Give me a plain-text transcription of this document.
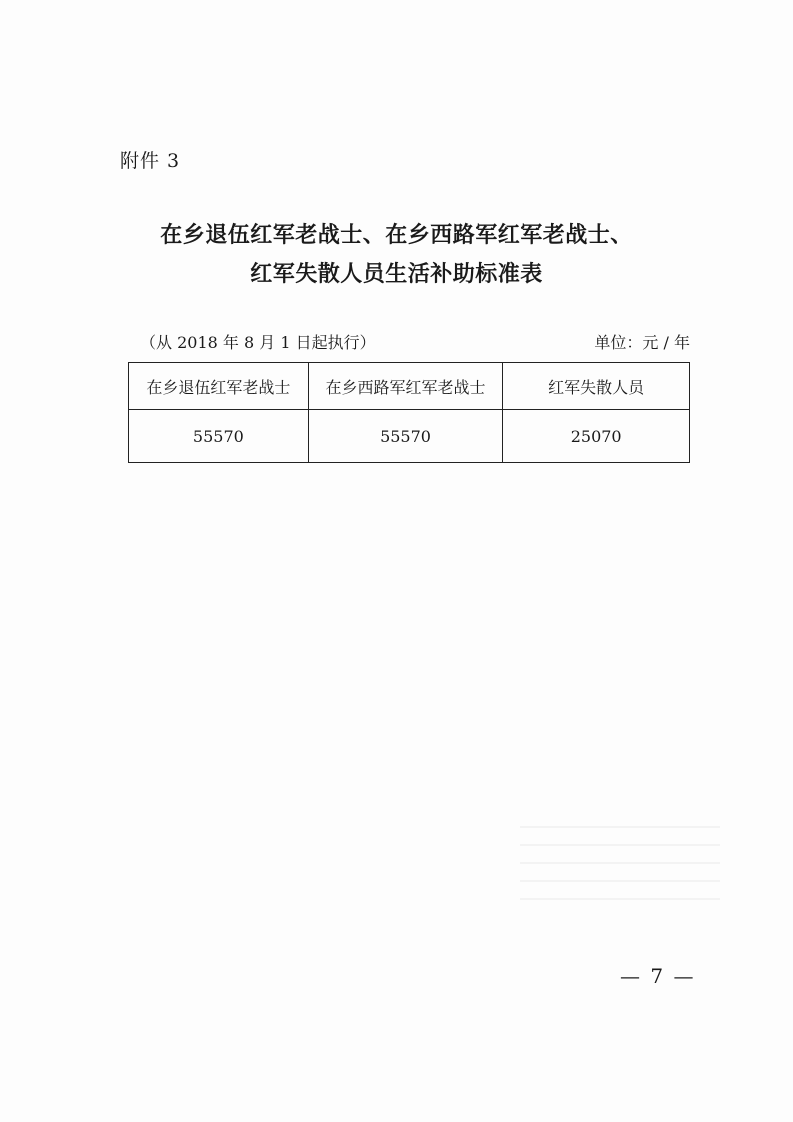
附件 3
在乡退伍红军老战士、在乡西路军红军老战士、
红军失散人员生活补助标准表
（从 2018 年 8 月 1 日起执行）	单位：元 / 年
在乡退伍红军老战士	在乡西路军红军老战士	红军失散人员
55570	55570	25070
— 7 —
